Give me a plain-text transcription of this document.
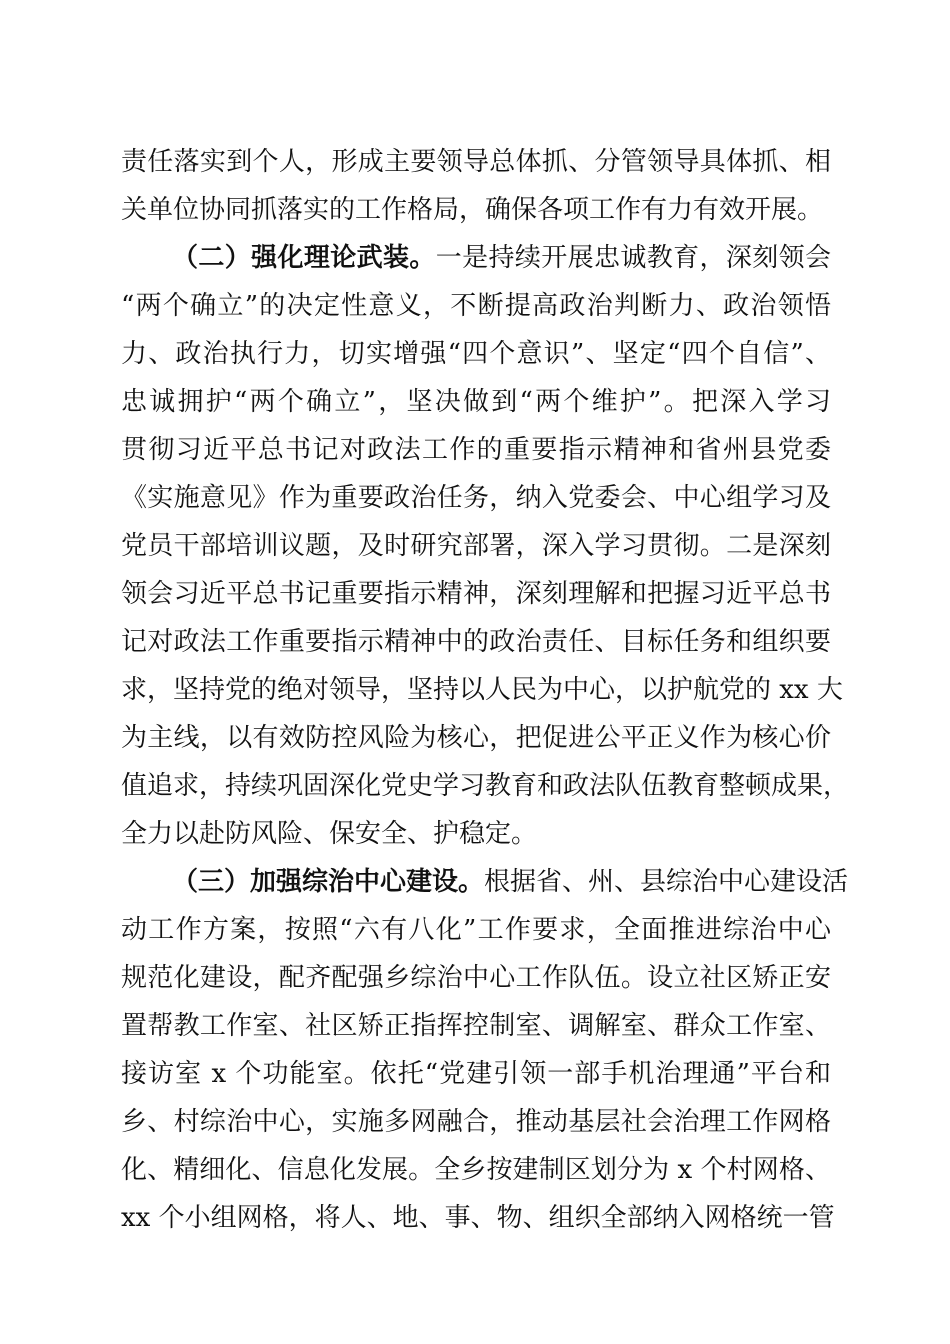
责任落实到个人，形成主要领导总体抓、分管领导具体抓、相
关单位协同抓落实的工作格局，确保各项工作有力有效开展。
（二）强化理论武装。一是持续开展忠诚教育，深刻领会
“两个确立”的决定性意义，不断提高政治判断力、政治领悟
力、政治执行力，切实增强“四个意识”、坚定“四个自信”、
忠诚拥护“两个确立”，坚决做到“两个维护”。把深入学习
贯彻习近平总书记对政法工作的重要指示精神和省州县党委
《实施意见》作为重要政治任务，纳入党委会、中心组学习及
党员干部培训议题，及时研究部署，深入学习贯彻。二是深刻
领会习近平总书记重要指示精神，深刻理解和把握习近平总书
记对政法工作重要指示精神中的政治责任、目标任务和组织要
求，坚持党的绝对领导，坚持以人民为中心，以护航党的 xx 大
为主线，以有效防控风险为核心，把促进公平正义作为核心价
值追求，持续巩固深化党史学习教育和政法队伍教育整顿成果，
全力以赴防风险、保安全、护稳定。
（三）加强综治中心建设。根据省、州、县综治中心建设活
动工作方案，按照“六有八化”工作要求，全面推进综治中心
规范化建设，配齐配强乡综治中心工作队伍。设立社区矫正安
置帮教工作室、社区矫正指挥控制室、调解室、群众工作室、
接访室 x 个功能室。依托“党建引领一部手机治理通”平台和
乡、村综治中心，实施多网融合，推动基层社会治理工作网格
化、精细化、信息化发展。全乡按建制区划分为 x 个村网格、
xx 个小组网格，将人、地、事、物、组织全部纳入网格统一管
